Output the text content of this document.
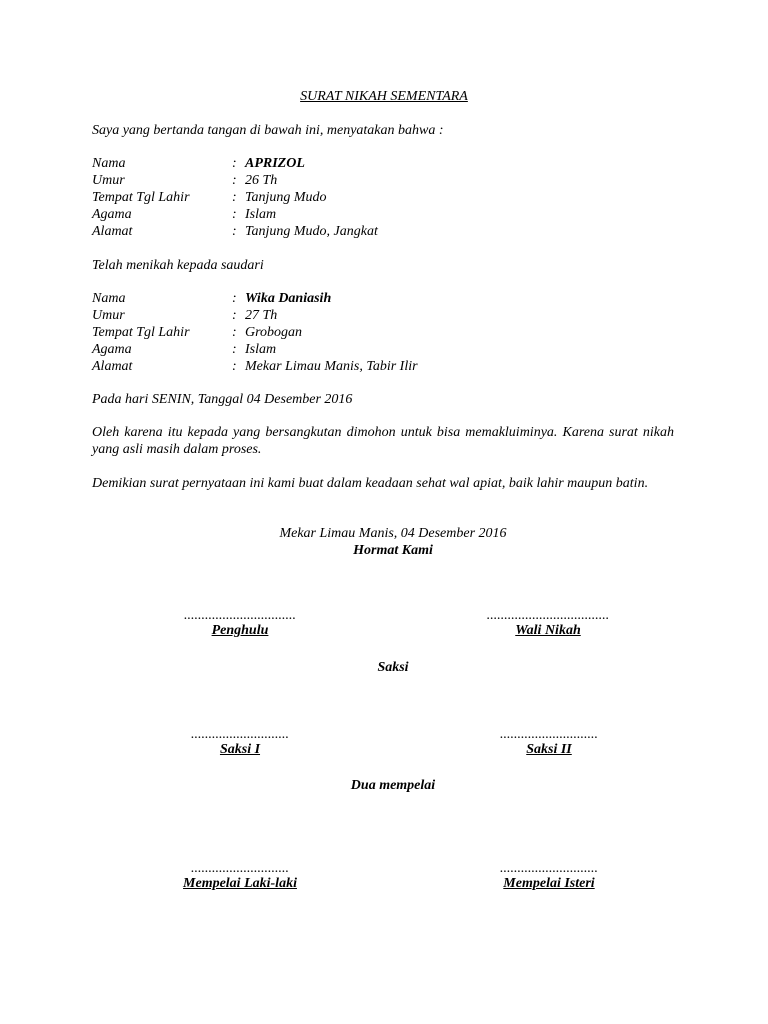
SURAT NIKAH SEMENTARA
Saya yang bertanda tangan di bawah ini, menyatakan bahwa :
Nama	: APRIZOL
Umur	: 26 Th
Tempat Tgl Lahir	: Tanjung Mudo
Agama	: Islam
Alamat	: Tanjung Mudo, Jangkat
Telah menikah kepada saudari
Nama	: Wika Daniasih
Umur	: 27 Th
Tempat Tgl Lahir	: Grobogan
Agama	: Islam
Alamat	: Mekar Limau Manis, Tabir Ilir
Pada hari SENIN, Tanggal 04 Desember 2016
Oleh karena itu kepada yang bersangkutan dimohon untuk bisa memakluiminya. Karena surat nikah yang asli masih dalam proses.
Demikian surat pernyataan ini kami buat dalam keadaan sehat wal apiat, baik lahir maupun batin.
Mekar Limau Manis, 04 Desember 2016
Hormat Kami
................................
Penghulu
...................................
Wali Nikah
Saksi
............................
Saksi I
............................
Saksi II
Dua mempelai
............................
Mempelai Laki-laki
............................
Mempelai Isteri
